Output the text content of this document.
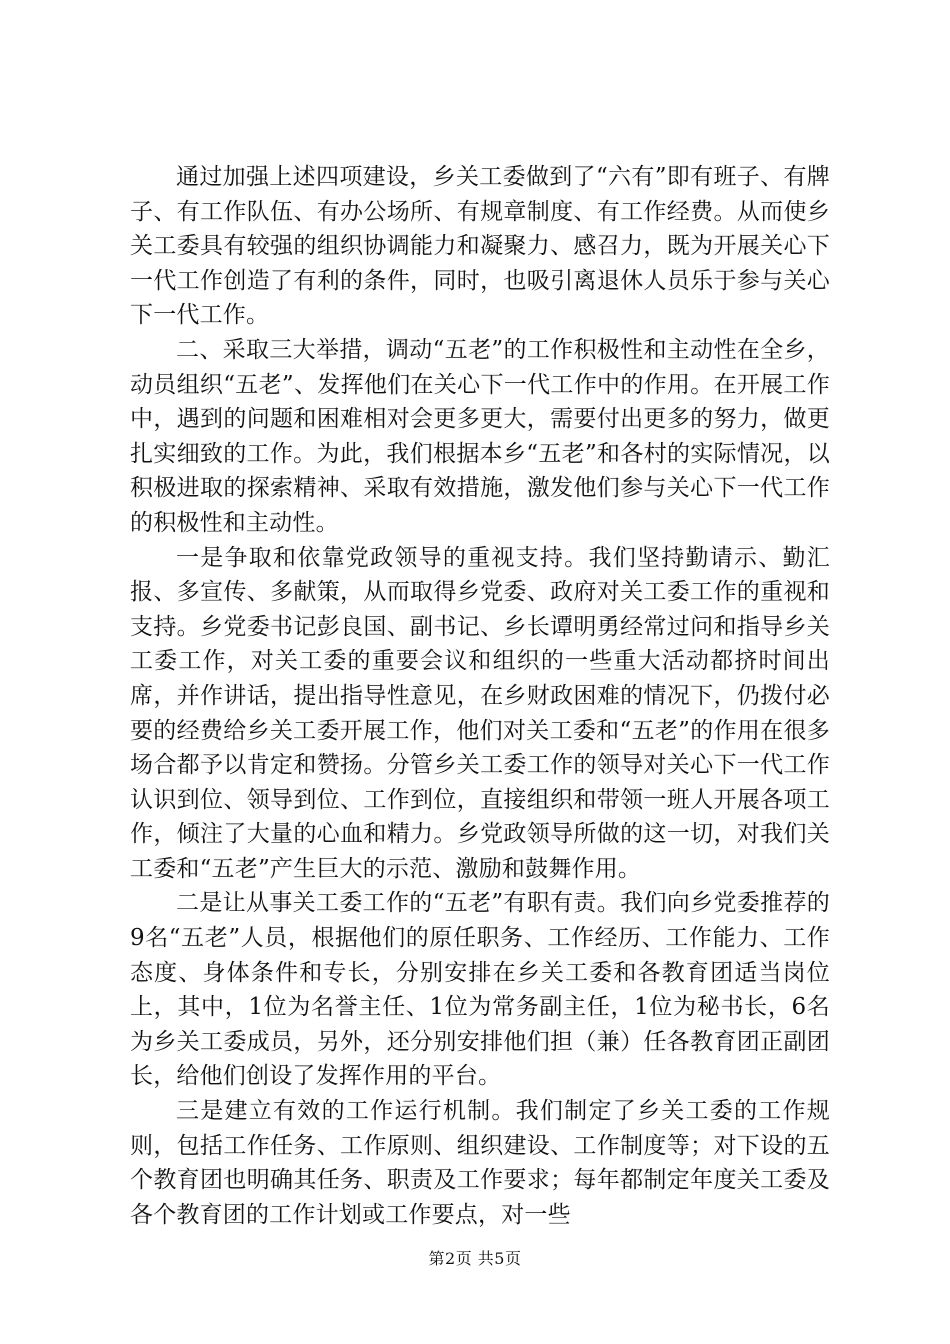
通过加强上述四项建设，乡关工委做到了“六有”即有班子、有牌子、有工作队伍、有办公场所、有规章制度、有工作经费。从而使乡关工委具有较强的组织协调能力和凝聚力、感召力，既为开展关心下一代工作创造了有利的条件，同时，也吸引离退休人员乐于参与关心下一代工作。

二、采取三大举措，调动“五老”的工作积极性和主动性在全乡，动员组织“五老”、发挥他们在关心下一代工作中的作用。在开展工作中，遇到的问题和困难相对会更多更大，需要付出更多的努力，做更扎实细致的工作。为此，我们根据本乡“五老”和各村的实际情况，以积极进取的探索精神、采取有效措施，激发他们参与关心下一代工作的积极性和主动性。

一是争取和依靠党政领导的重视支持。我们坚持勤请示、勤汇报、多宣传、多献策，从而取得乡党委、政府对关工委工作的重视和支持。乡党委书记彭良国、副书记、乡长谭明勇经常过问和指导乡关工委工作，对关工委的重要会议和组织的一些重大活动都挤时间出席，并作讲话，提出指导性意见，在乡财政困难的情况下，仍拨付必要的经费给乡关工委开展工作，他们对关工委和“五老”的作用在很多场合都予以肯定和赞扬。分管乡关工委工作的领导对关心下一代工作认识到位、领导到位、工作到位，直接组织和带领一班人开展各项工作，倾注了大量的心血和精力。乡党政领导所做的这一切，对我们关工委和“五老”产生巨大的示范、激励和鼓舞作用。

二是让从事关工委工作的“五老”有职有责。我们向乡党委推荐的9名“五老”人员，根据他们的原任职务、工作经历、工作能力、工作态度、身体条件和专长，分别安排在乡关工委和各教育团适当岗位上，其中，1位为名誉主任、1位为常务副主任，1位为秘书长，6名为乡关工委成员，另外，还分别安排他们担（兼）任各教育团正副团长，给他们创设了发挥作用的平台。

三是建立有效的工作运行机制。我们制定了乡关工委的工作规则，包括工作任务、工作原则、组织建设、工作制度等；对下设的五个教育团也明确其任务、职责及工作要求；每年都制定年度关工委及各个教育团的工作计划或工作要点，对一些

第2页 共5页
